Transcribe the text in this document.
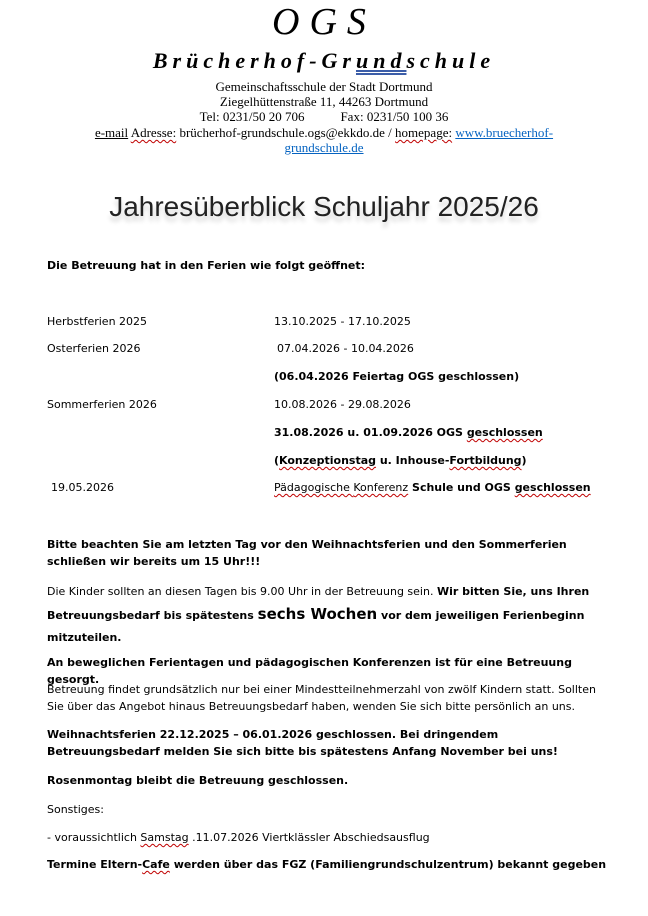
OGS
Brücherhof-Grundschule
Gemeinschaftsschule der Stadt Dortmund
Ziegelhüttenstraße 11, 44263 Dortmund
Tel: 0231/50 20 706	Fax: 0231/50 100 36
e-mail Adresse: brücherhof-grundschule.ogs@ekkdo.de / homepage: www.bruecherhof-
grundschule.de
Jahresüberblick Schuljahr 2025/26
Die Betreuung hat in den Ferien wie folgt geöffnet:
Herbstferien 2025	13.10.2025 - 17.10.2025
Osterferien 2026	07.04.2026 - 10.04.2026
(06.04.2026 Feiertag OGS geschlossen)
Sommerferien 2026	10.08.2026 - 29.08.2026
31.08.2026 u. 01.09.2026 OGS geschlossen
(Konzeptionstag u. Inhouse-Fortbildung)
19.05.2026	Pädagogische Konferenz Schule und OGS geschlossen
Bitte beachten Sie am letzten Tag vor den Weihnachtsferien und den Sommerferien schließen wir bereits um 15 Uhr!!!
Die Kinder sollten an diesen Tagen bis 9.00 Uhr in der Betreuung sein. Wir bitten Sie, uns Ihren Betreuungsbedarf bis spätestens sechs Wochen vor dem jeweiligen Ferienbeginn mitzuteilen.
An beweglichen Ferientagen und pädagogischen Konferenzen ist für eine Betreuung gesorgt.
Betreuung findet grundsätzlich nur bei einer Mindestteilnehmerzahl von zwölf Kindern statt. Sollten Sie über das Angebot hinaus Betreuungsbedarf haben, wenden Sie sich bitte persönlich an uns.
Weihnachtsferien 22.12.2025 – 06.01.2026 geschlossen. Bei dringendem Betreuungsbedarf melden Sie sich bitte bis spätestens Anfang November bei uns!
Rosenmontag bleibt die Betreuung geschlossen.
Sonstiges:
- voraussichtlich Samstag .11.07.2026 Viertklässler Abschiedsausflug
Termine Eltern-Cafe werden über das FGZ (Familiengrundschulzentrum) bekannt gegeben
